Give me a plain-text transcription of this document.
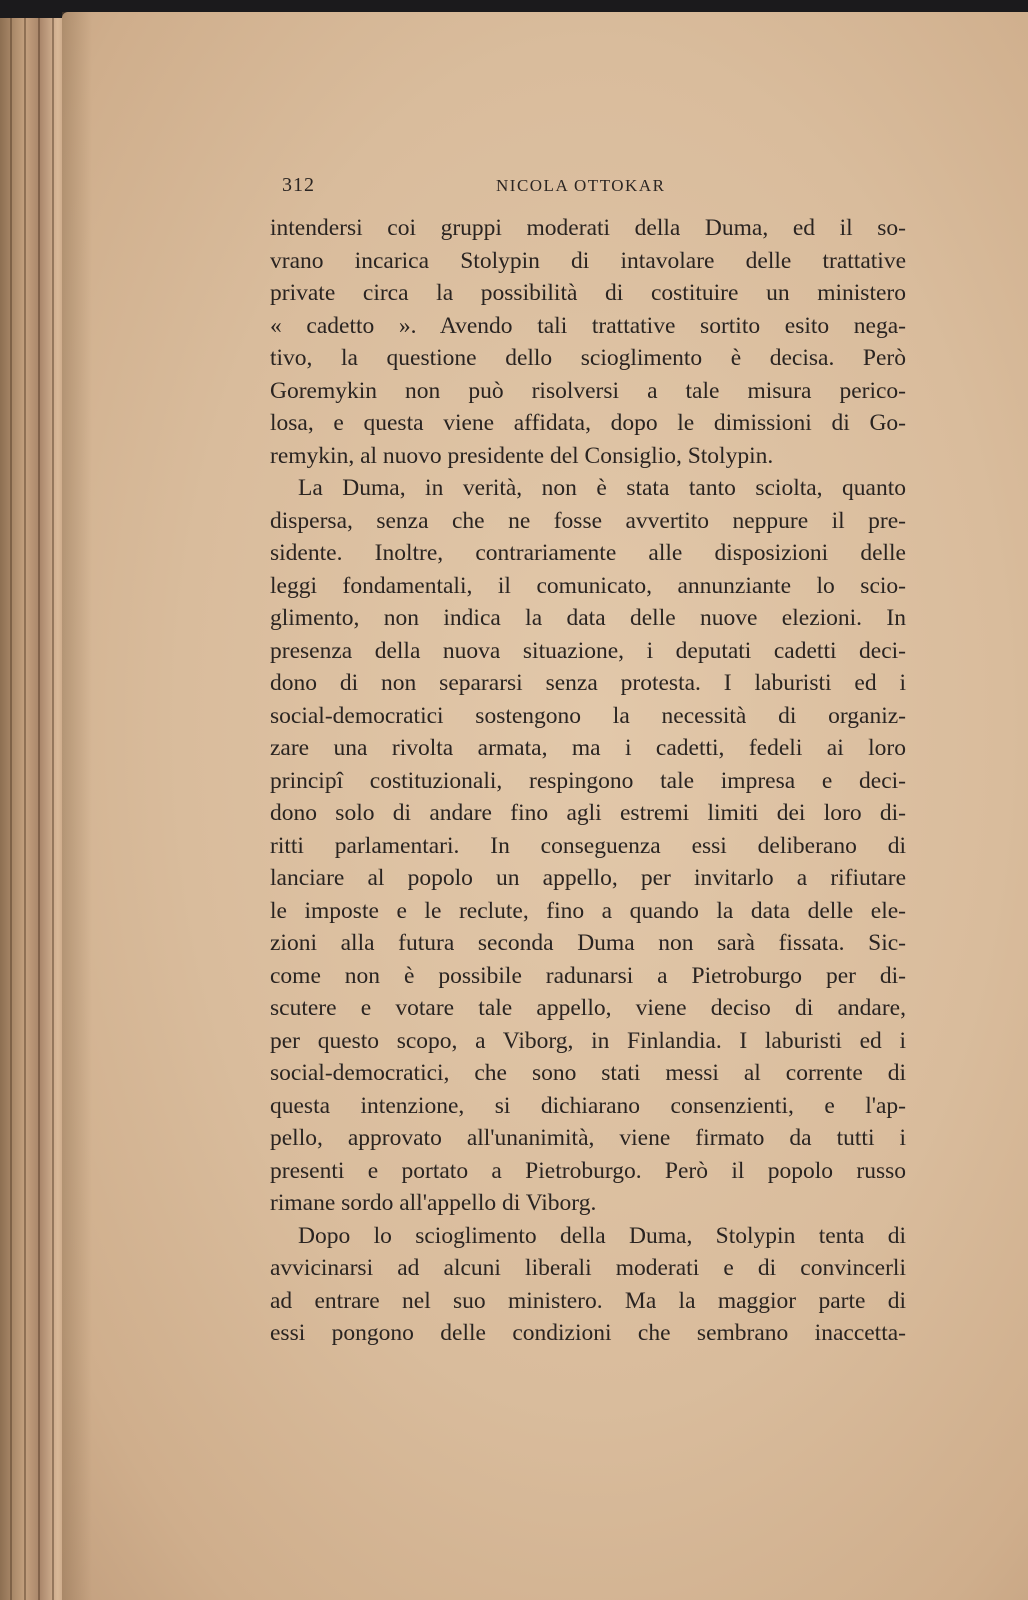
312	NICOLA OTTOKAR
intendersi coi gruppi moderati della Duma, ed il so-
vrano incarica Stolypin di intavolare delle trattative
private circa la possibilità di costituire un ministero
« cadetto ». Avendo tali trattative sortito esito nega-
tivo, la questione dello scioglimento è decisa. Però
Goremykin non può risolversi a tale misura perico-
losa, e questa viene affidata, dopo le dimissioni di Go-
remykin, al nuovo presidente del Consiglio, Stolypin.
La Duma, in verità, non è stata tanto sciolta, quanto
dispersa, senza che ne fosse avvertito neppure il pre-
sidente. Inoltre, contrariamente alle disposizioni delle
leggi fondamentali, il comunicato, annunziante lo scio-
glimento, non indica la data delle nuove elezioni. In
presenza della nuova situazione, i deputati cadetti deci-
dono di non separarsi senza protesta. I laburisti ed i
social-democratici sostengono la necessità di organiz-
zare una rivolta armata, ma i cadetti, fedeli ai loro
principî costituzionali, respingono tale impresa e deci-
dono solo di andare fino agli estremi limiti dei loro di-
ritti parlamentari. In conseguenza essi deliberano di
lanciare al popolo un appello, per invitarlo a rifiutare
le imposte e le reclute, fino a quando la data delle ele-
zioni alla futura seconda Duma non sarà fissata. Sic-
come non è possibile radunarsi a Pietroburgo per di-
scutere e votare tale appello, viene deciso di andare,
per questo scopo, a Viborg, in Finlandia. I laburisti ed i
social-democratici, che sono stati messi al corrente di
questa intenzione, si dichiarano consenzienti, e l'ap-
pello, approvato all'unanimità, viene firmato da tutti i
presenti e portato a Pietroburgo. Però il popolo russo
rimane sordo all'appello di Viborg.
Dopo lo scioglimento della Duma, Stolypin tenta di
avvicinarsi ad alcuni liberali moderati e di convincerli
ad entrare nel suo ministero. Ma la maggior parte di
essi pongono delle condizioni che sembrano inaccetta-
